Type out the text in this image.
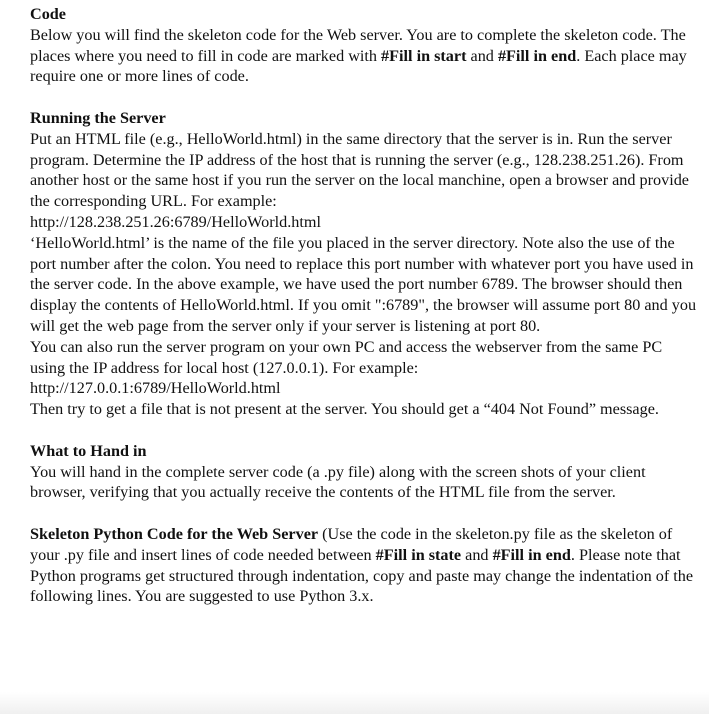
Code

Below you will find the skeleton code for the Web server. You are to complete the skeleton code. The places where you need to fill in code are marked with #Fill in start and #Fill in end. Each place may require one or more lines of code.

Running the Server

Put an HTML file (e.g., HelloWorld.html) in the same directory that the server is in. Run the server program. Determine the IP address of the host that is running the server (e.g., 128.238.251.26). From another host or the same host if you run the server on the local manchine, open a browser and provide the corresponding URL. For example:

http://128.238.251.26:6789/HelloWorld.html

‘HelloWorld.html’ is the name of the file you placed in the server directory. Note also the use of the port number after the colon. You need to replace this port number with whatever port you have used in the server code. In the above example, we have used the port number 6789. The browser should then display the contents of HelloWorld.html. If you omit ":6789", the browser will assume port 80 and you will get the web page from the server only if your server is listening at port 80.

You can also run the server program on your own PC and access the webserver from the same PC using the IP address for local host (127.0.0.1). For example:

http://127.0.0.1:6789/HelloWorld.html

Then try to get a file that is not present at the server. You should get a “404 Not Found” message.

What to Hand in

You will hand in the complete server code (a .py file) along with the screen shots of your client browser, verifying that you actually receive the contents of the HTML file from the server.

Skeleton Python Code for the Web Server (Use the code in the skeleton.py file as the skeleton of your .py file and insert lines of code needed between #Fill in state and #Fill in end. Please note that Python programs get structured through indentation, copy and paste may change the indentation of the following lines. You are suggested to use Python 3.x.
